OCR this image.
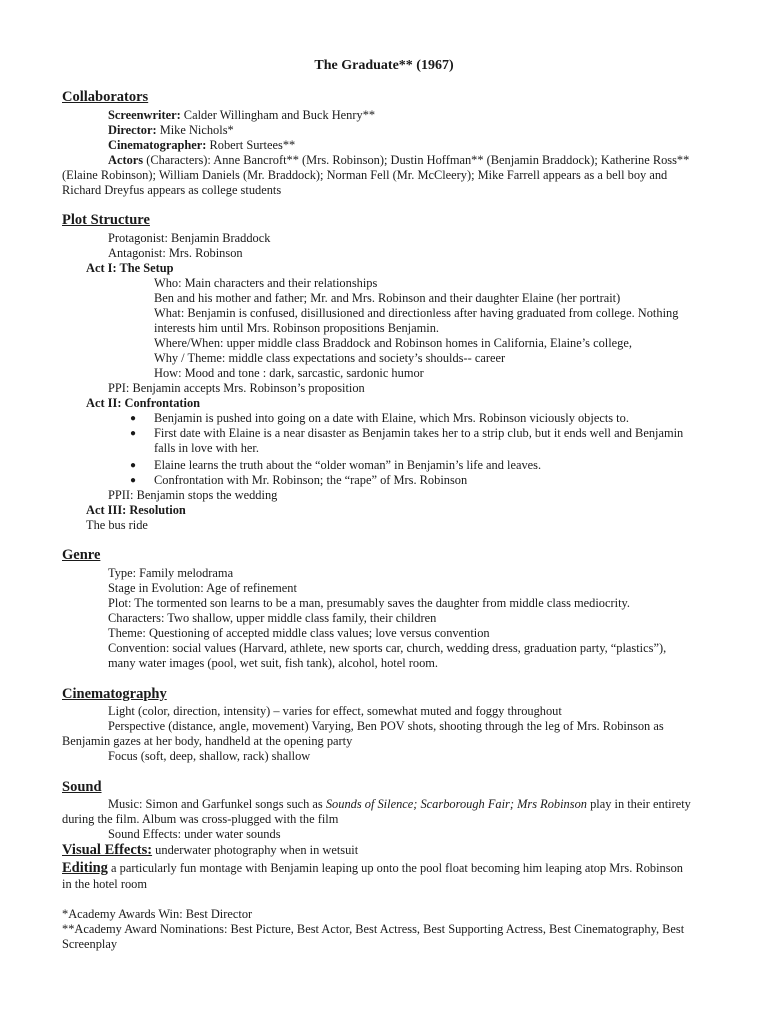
The Graduate** (1967)
Collaborators
Screenwriter: Calder Willingham and Buck Henry**
Director: Mike Nichols*
Cinematographer: Robert Surtees**
Actors (Characters): Anne Bancroft** (Mrs. Robinson); Dustin Hoffman** (Benjamin Braddock); Katherine Ross**
(Elaine Robinson); William Daniels (Mr. Braddock); Norman Fell (Mr. McCleery); Mike Farrell appears as a bell boy and
Richard Dreyfus appears as college students
Plot Structure
Protagonist: Benjamin Braddock
Antagonist: Mrs. Robinson
Act I: The Setup
Who: Main characters and their relationships
Ben and his mother and father; Mr. and Mrs. Robinson and their daughter Elaine (her portrait)
What: Benjamin is confused, disillusioned and directionless after having graduated from college. Nothing
interests him until Mrs. Robinson propositions Benjamin.
Where/When: upper middle class Braddock and Robinson homes in California, Elaine’s college,
Why / Theme: middle class expectations and society’s shoulds-- career
How: Mood and tone : dark, sarcastic, sardonic humor
PPI: Benjamin accepts Mrs. Robinson’s proposition
Act II: Confrontation
● Benjamin is pushed into going on a date with Elaine, which Mrs. Robinson viciously objects to.
● First date with Elaine is a near disaster as Benjamin takes her to a strip club, but it ends well and Benjamin
falls in love with her.
● Elaine learns the truth about the “older woman” in Benjamin’s life and leaves.
● Confrontation with Mr. Robinson; the “rape” of Mrs. Robinson
PPII: Benjamin stops the wedding
Act III: Resolution
The bus ride
Genre
Type: Family melodrama
Stage in Evolution: Age of refinement
Plot: The tormented son learns to be a man, presumably saves the daughter from middle class mediocrity.
Characters: Two shallow, upper middle class family, their children
Theme: Questioning of accepted middle class values; love versus convention
Convention: social values (Harvard, athlete, new sports car, church, wedding dress, graduation party, “plastics”),
many water images (pool, wet suit, fish tank), alcohol, hotel room.
Cinematography
Light (color, direction, intensity) – varies for effect, somewhat muted and foggy throughout
Perspective (distance, angle, movement) Varying, Ben POV shots, shooting through the leg of Mrs. Robinson as
Benjamin gazes at her body, handheld at the opening party
Focus (soft, deep, shallow, rack) shallow
Sound
Music: Simon and Garfunkel songs such as Sounds of Silence; Scarborough Fair; Mrs Robinson play in their entirety
during the film. Album was cross-plugged with the film
Sound Effects: under water sounds
Visual Effects: underwater photography when in wetsuit
Editing a particularly fun montage with Benjamin leaping up onto the pool float becoming him leaping atop Mrs. Robinson
in the hotel room
*Academy Awards Win: Best Director
**Academy Award Nominations: Best Picture, Best Actor, Best Actress, Best Supporting Actress, Best Cinematography, Best
Screenplay
